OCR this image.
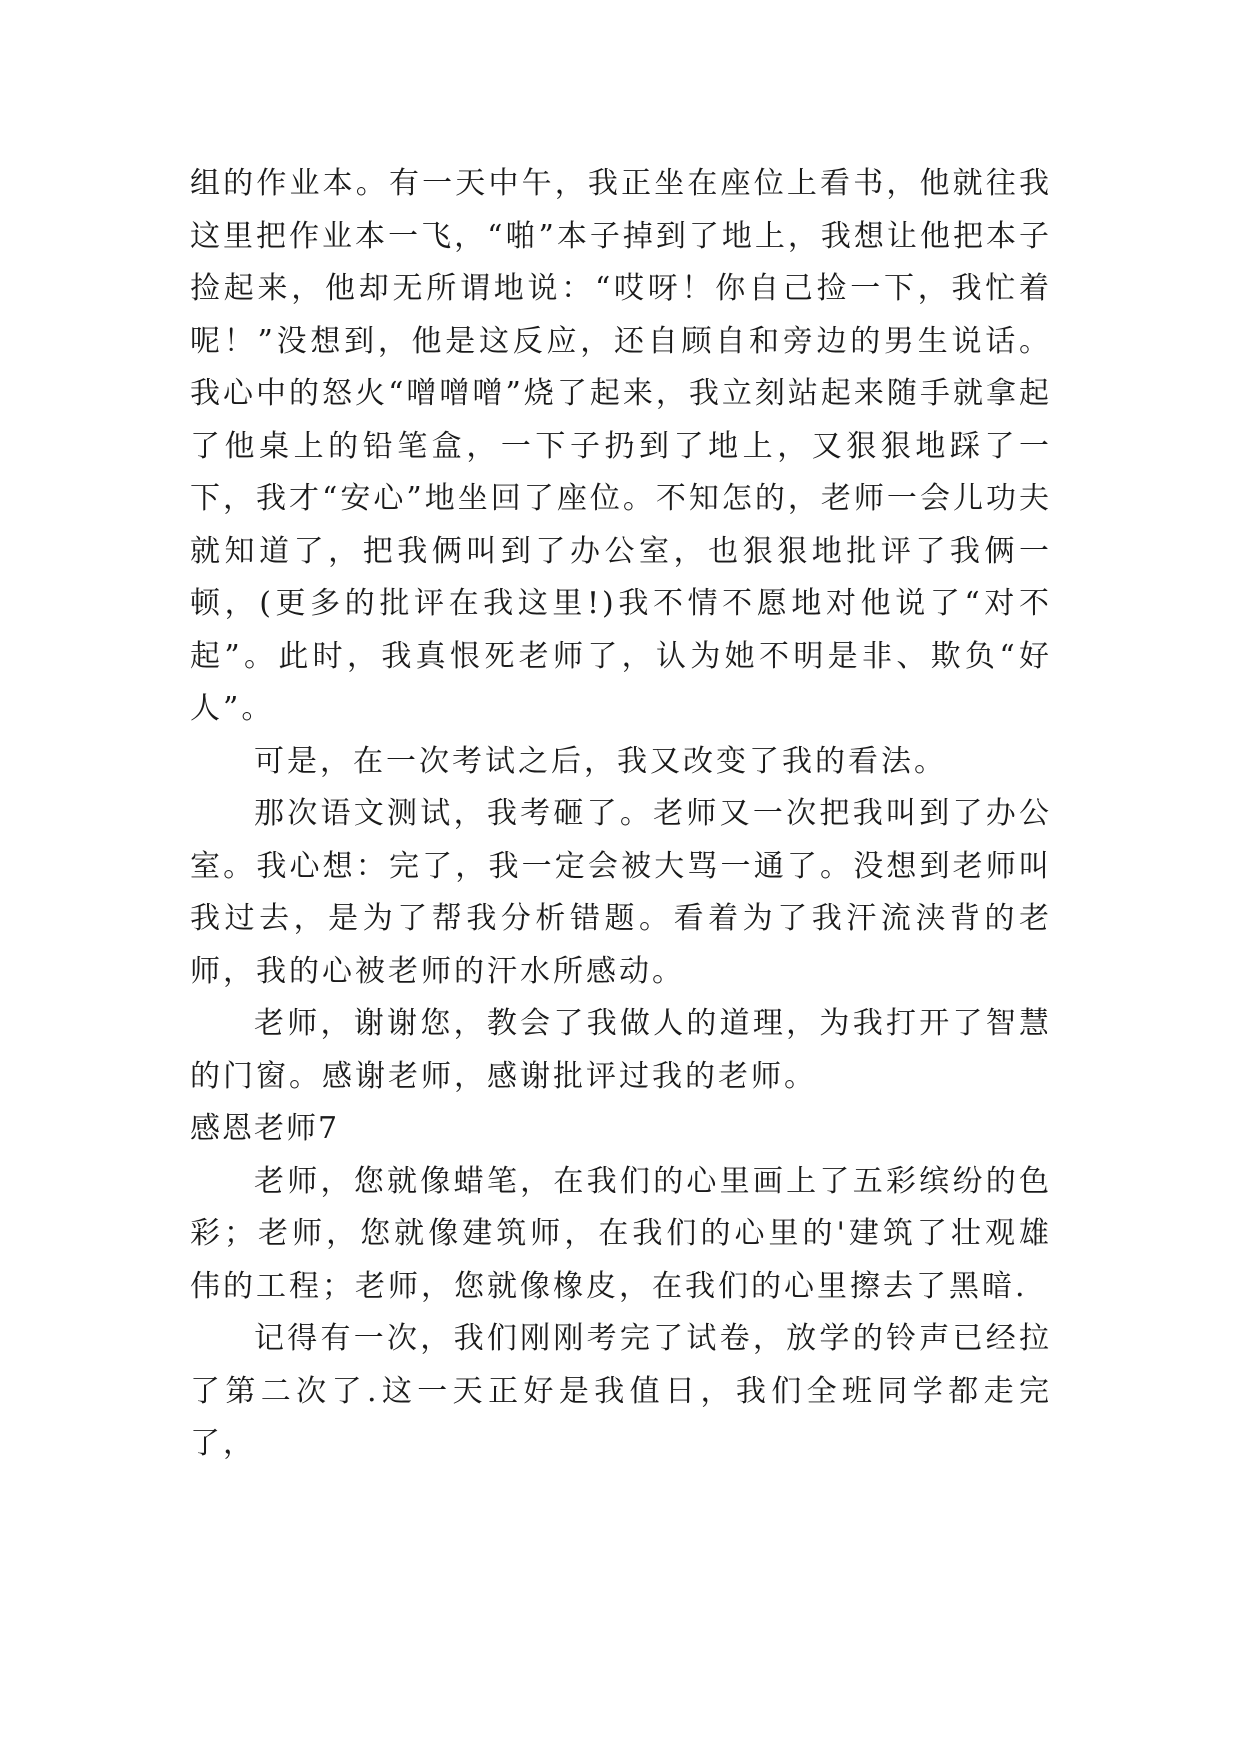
组的作业本。有一天中午，我正坐在座位上看书，他就往我这里把作业本一飞，“啪”本子掉到了地上，我想让他把本子捡起来，他却无所谓地说：“哎呀！你自己捡一下，我忙着呢！”没想到，他是这反应，还自顾自和旁边的男生说话。我心中的怒火“噌噌噌”烧了起来，我立刻站起来随手就拿起了他桌上的铅笔盒，一下子扔到了地上，又狠狠地踩了一下，我才“安心”地坐回了座位。不知怎的，老师一会儿功夫就知道了，把我俩叫到了办公室，也狠狠地批评了我俩一顿，(更多的批评在我这里!)我不情不愿地对他说了“对不起”。此时，我真恨死老师了，认为她不明是非、欺负“好人”。

可是，在一次考试之后，我又改变了我的看法。

那次语文测试，我考砸了。老师又一次把我叫到了办公室。我心想：完了，我一定会被大骂一通了。没想到老师叫我过去，是为了帮我分析错题。看着为了我汗流浃背的老师，我的心被老师的汗水所感动。

老师，谢谢您，教会了我做人的道理，为我打开了智慧的门窗。感谢老师，感谢批评过我的老师。

感恩老师7

老师，您就像蜡笔，在我们的心里画上了五彩缤纷的色彩；老师，您就像建筑师，在我们的心里的'建筑了壮观雄伟的工程；老师，您就像橡皮，在我们的心里擦去了黑暗.

记得有一次，我们刚刚考完了试卷，放学的铃声已经拉了第二次了.这一天正好是我值日，我们全班同学都走完了，
